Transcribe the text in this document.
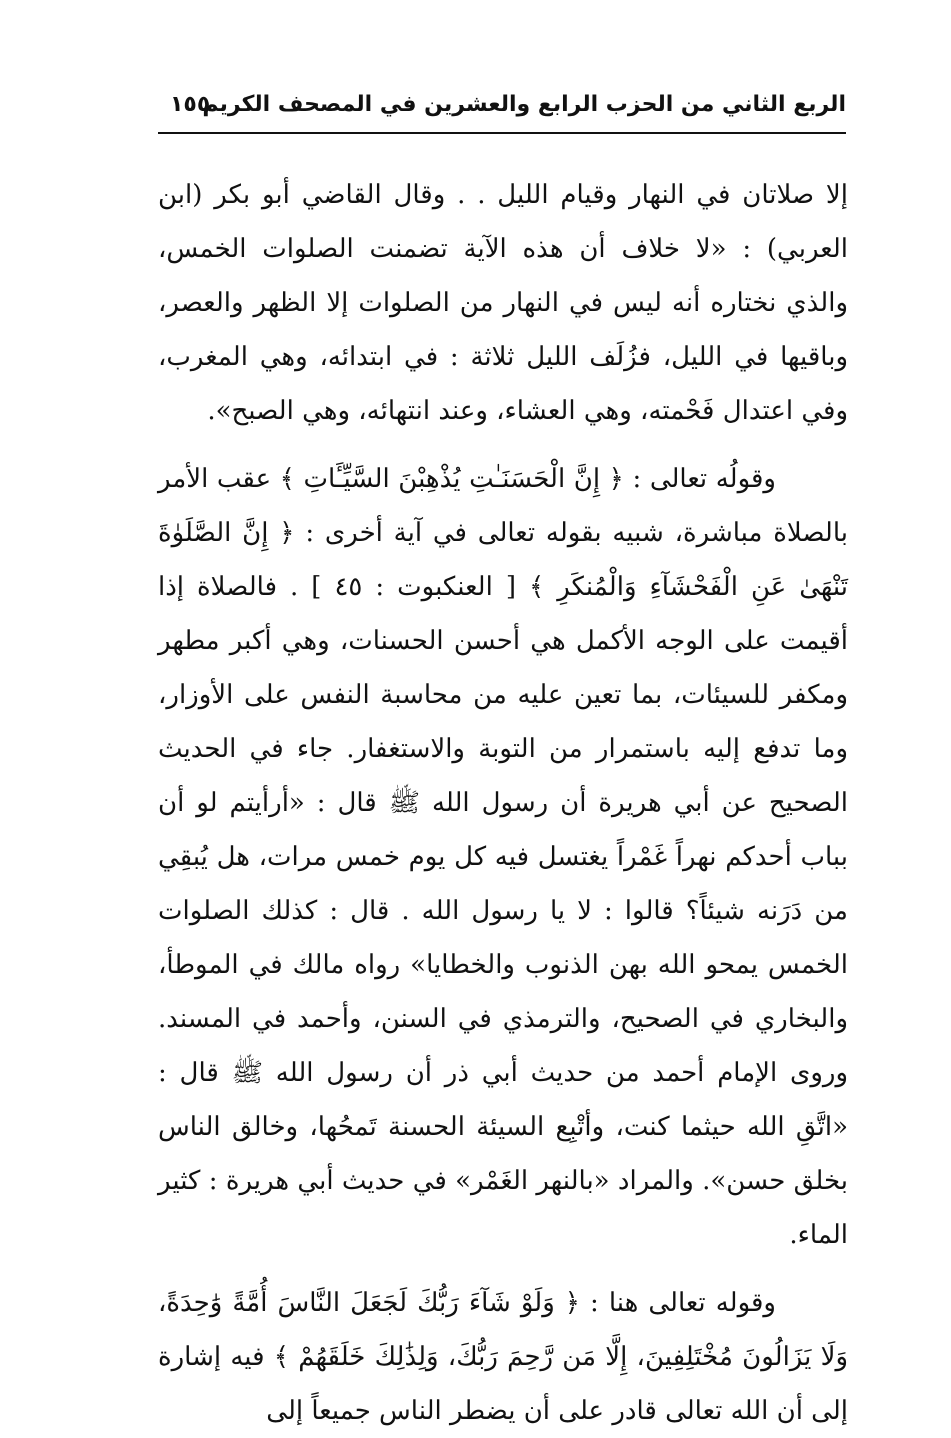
الربع الثاني من الحزب الرابع والعشرين في المصحف الكريم
١٥٥

إلا صلاتان في النهار وقيام الليل . . وقال القاضي أبو بكر (ابن العربي) : «لا خلاف أن هذه الآية تضمنت الصلوات الخمس، والذي نختاره أنه ليس في النهار من الصلوات إلا الظهر والعصر، وباقيها في الليل، فزُلَف الليل ثلاثة : في ابتدائه، وهي المغرب، وفي اعتدال فَحْمته، وهي العشاء، وعند انتهائه، وهي الصبح».

وقولُه تعالى : ﴿ إِنَّ الْحَسَنَـٰتِ يُذْهِبْنَ السَّيِّـَٔاتِ ﴾ عقب الأمر بالصلاة مباشرة، شبيه بقوله تعالى في آية أخرى : ﴿ إِنَّ الصَّلَوٰةَ تَنْهَىٰ عَنِ الْفَحْشَآءِ وَالْمُنكَرِ ﴾ [ العنكبوت : ٤٥ ] . فالصلاة إذا أقيمت على الوجه الأكمل هي أحسن الحسنات، وهي أكبر مطهر ومكفر للسيئات، بما تعين عليه من محاسبة النفس على الأوزار، وما تدفع إليه باستمرار من التوبة والاستغفار. جاء في الحديث الصحيح عن أبي هريرة أن رسول الله ﷺ قال : «أرأيتم لو أن بباب أحدكم نهراً غَمْراً يغتسل فيه كل يوم خمس مرات، هل يُبقِي من دَرَنه شيئاً؟ قالوا : لا يا رسول الله . قال : كذلك الصلوات الخمس يمحو الله بهن الذنوب والخطايا» رواه مالك في الموطأ، والبخاري في الصحيح، والترمذي في السنن، وأحمد في المسند. وروى الإمام أحمد من حديث أبي ذر أن رسول الله ﷺ قال : «اتَّقِ الله حيثما كنت، وأتْبِع السيئة الحسنة تَمحُها، وخالق الناس بخلق حسن». والمراد «بالنهر الغَمْر» في حديث أبي هريرة : كثير الماء.

وقوله تعالى هنا : ﴿ وَلَوْ شَآءَ رَبُّكَ لَجَعَلَ النَّاسَ أُمَّةً وَٰحِدَةً، وَلَا يَزَالُونَ مُخْتَلِفِينَ، إِلَّا مَن رَّحِمَ رَبُّكَ، وَلِذَٰلِكَ خَلَقَهُمْ ﴾ فيه إشارة إلى أن الله تعالى قادر على أن يضطر الناس جميعاً إلى
